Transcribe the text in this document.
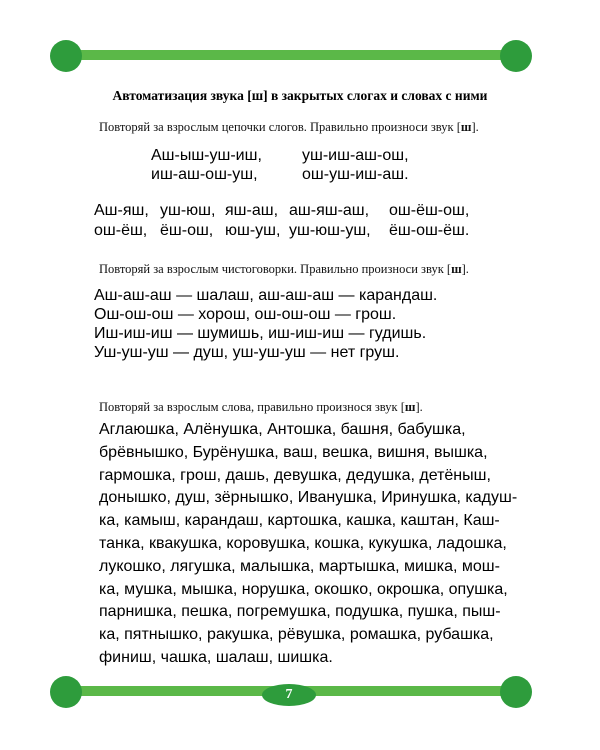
Автоматизация звука [ш] в закрытых слогах и словах с ними
Повторяй за взрослым цепочки слогов. Правильно произноси звук [ш].
Аш-ыш-уш-иш,
иш-аш-ош-уш,
уш-иш-аш-ош,
ош-уш-иш-аш.
Аш-яш, уш-юш, яш-аш, аш-яш-аш, ош-ёш-ош,
ош-ёш, ёш-ош, юш-уш, уш-юш-уш, ёш-ош-ёш.
Повторяй за взрослым чистоговорки. Правильно произноси звук [ш].
Аш-аш-аш — шалаш, аш-аш-аш — карандаш.
Ош-ош-ош — хорош, ош-ош-ош — грош.
Иш-иш-иш — шумишь, иш-иш-иш — гудишь.
Уш-уш-уш — душ, уш-уш-уш — нет груш.
Повторяй за взрослым слова, правильно произнося звук [ш].
Аглаюшка, Алёнушка, Антошка, башня, бабушка,
брёвнышко, Бурёнушка, ваш, вешка, вишня, вышка,
гармошка, грош, дашь, девушка, дедушка, детёныш,
донышко, душ, зёрнышко, Иванушка, Иринушка, кадуш-
ка, камыш, карандаш, картошка, кашка, каштан, Каш-
танка, квакушка, коровушка, кошка, кукушка, ладошка,
лукошко, лягушка, малышка, мартышка, мишка, мош-
ка, мушка, мышка, норушка, окошко, окрошка, опушка,
парнишка, пешка, погремушка, подушка, пушка, пыш-
ка, пятнышко, ракушка, рёвушка, ромашка, рубашка,
финиш, чашка, шалаш, шишка.
7
